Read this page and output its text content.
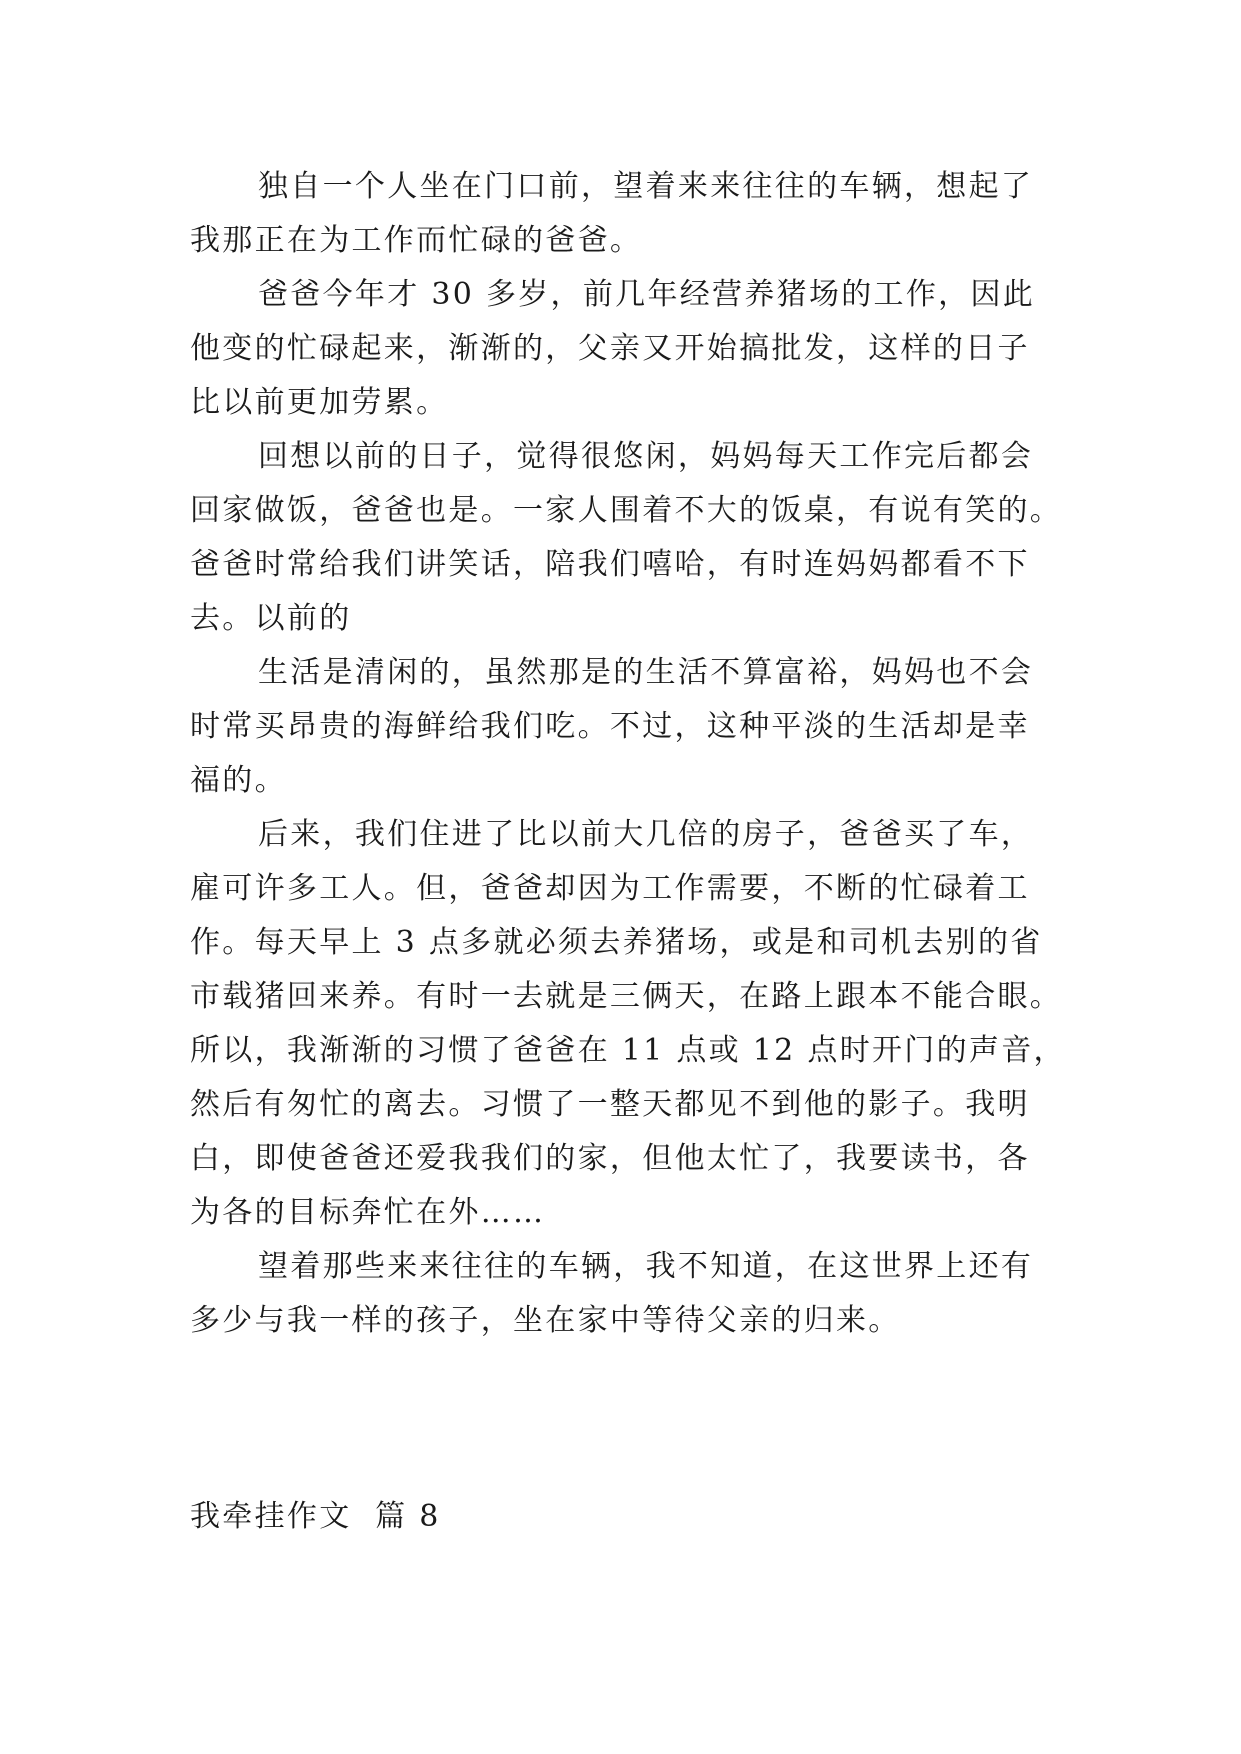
独自一个人坐在门口前，望着来来往往的车辆，想起了
我那正在为工作而忙碌的爸爸。
爸爸今年才 30 多岁，前几年经营养猪场的工作，因此
他变的忙碌起来，渐渐的，父亲又开始搞批发，这样的日子
比以前更加劳累。
回想以前的日子，觉得很悠闲，妈妈每天工作完后都会
回家做饭，爸爸也是。一家人围着不大的饭桌，有说有笑的。
爸爸时常给我们讲笑话，陪我们嘻哈，有时连妈妈都看不下
去。以前的
生活是清闲的，虽然那是的生活不算富裕，妈妈也不会
时常买昂贵的海鲜给我们吃。不过，这种平淡的生活却是幸
福的。
后来，我们住进了比以前大几倍的房子，爸爸买了车，
雇可许多工人。但，爸爸却因为工作需要，不断的忙碌着工
作。每天早上 3 点多就必须去养猪场，或是和司机去别的省
市载猪回来养。有时一去就是三俩天，在路上跟本不能合眼。
所以，我渐渐的习惯了爸爸在 11 点或 12 点时开门的声音，
然后有匆忙的离去。习惯了一整天都见不到他的影子。我明
白，即使爸爸还爱我我们的家，但他太忙了，我要读书，各
为各的目标奔忙在外……
望着那些来来往往的车辆，我不知道，在这世界上还有
多少与我一样的孩子，坐在家中等待父亲的归来。
我牵挂作文  篇 8
